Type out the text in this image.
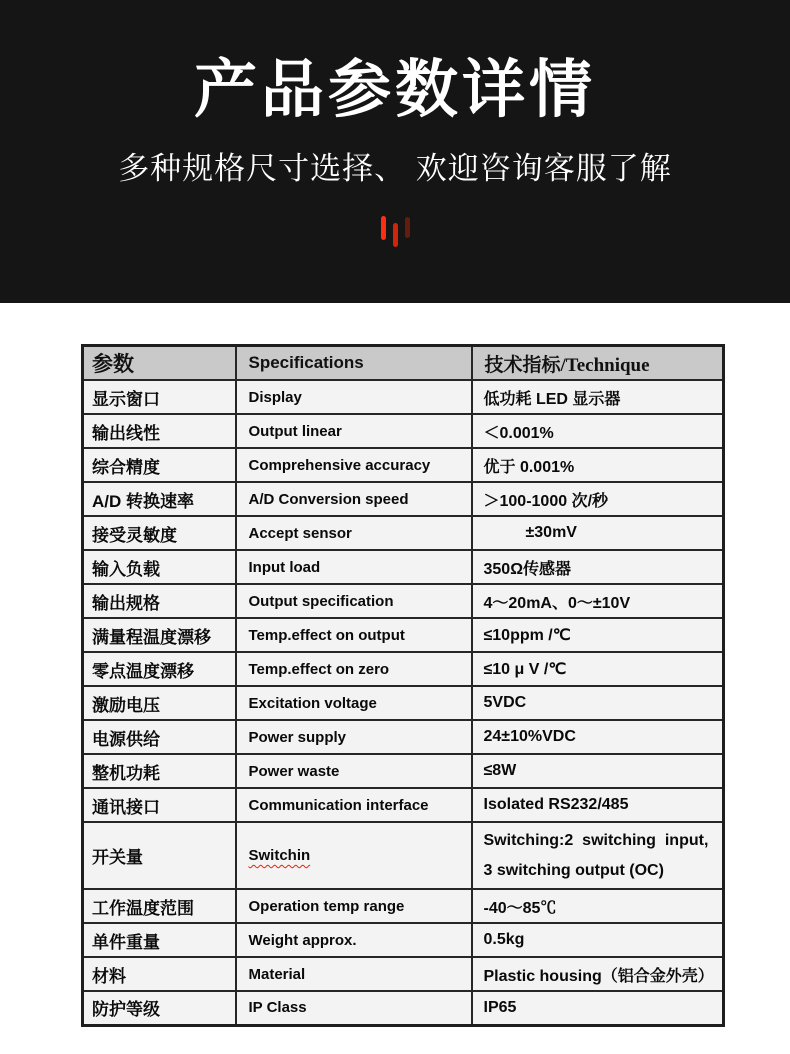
产品参数详情
多种规格尺寸选择、 欢迎咨询客服了解
参数	Specifications	技术指标/Technique
显示窗口	Display	低功耗 LED 显示器
输出线性	Output linear	＜0.001%
综合精度	Comprehensive accuracy	优于 0.001%
A/D 转换速率	A/D Conversion speed	＞100-1000 次/秒
接受灵敏度	Accept sensor	±30mV
输入负载	Input load	350Ω传感器
输出规格	Output specification	4～20mA、0～±10V
满量程温度漂移	Temp.effect on output	≤10ppm /℃
零点温度漂移	Temp.effect on zero	≤10 μ V /℃
激励电压	Excitation voltage	5VDC
电源供给	Power supply	24±10%VDC
整机功耗	Power waste	≤8W
通讯接口	Communication interface	Isolated RS232/485
开关量	Switchin	Switching:2  switching  input,
3 switching output (OC)

工作温度范围	Operation temp range	-40～85℃
单件重量	Weight approx.	0.5kg
材料	Material	Plastic housing（铝合金外壳）
防护等级	IP Class	IP65
